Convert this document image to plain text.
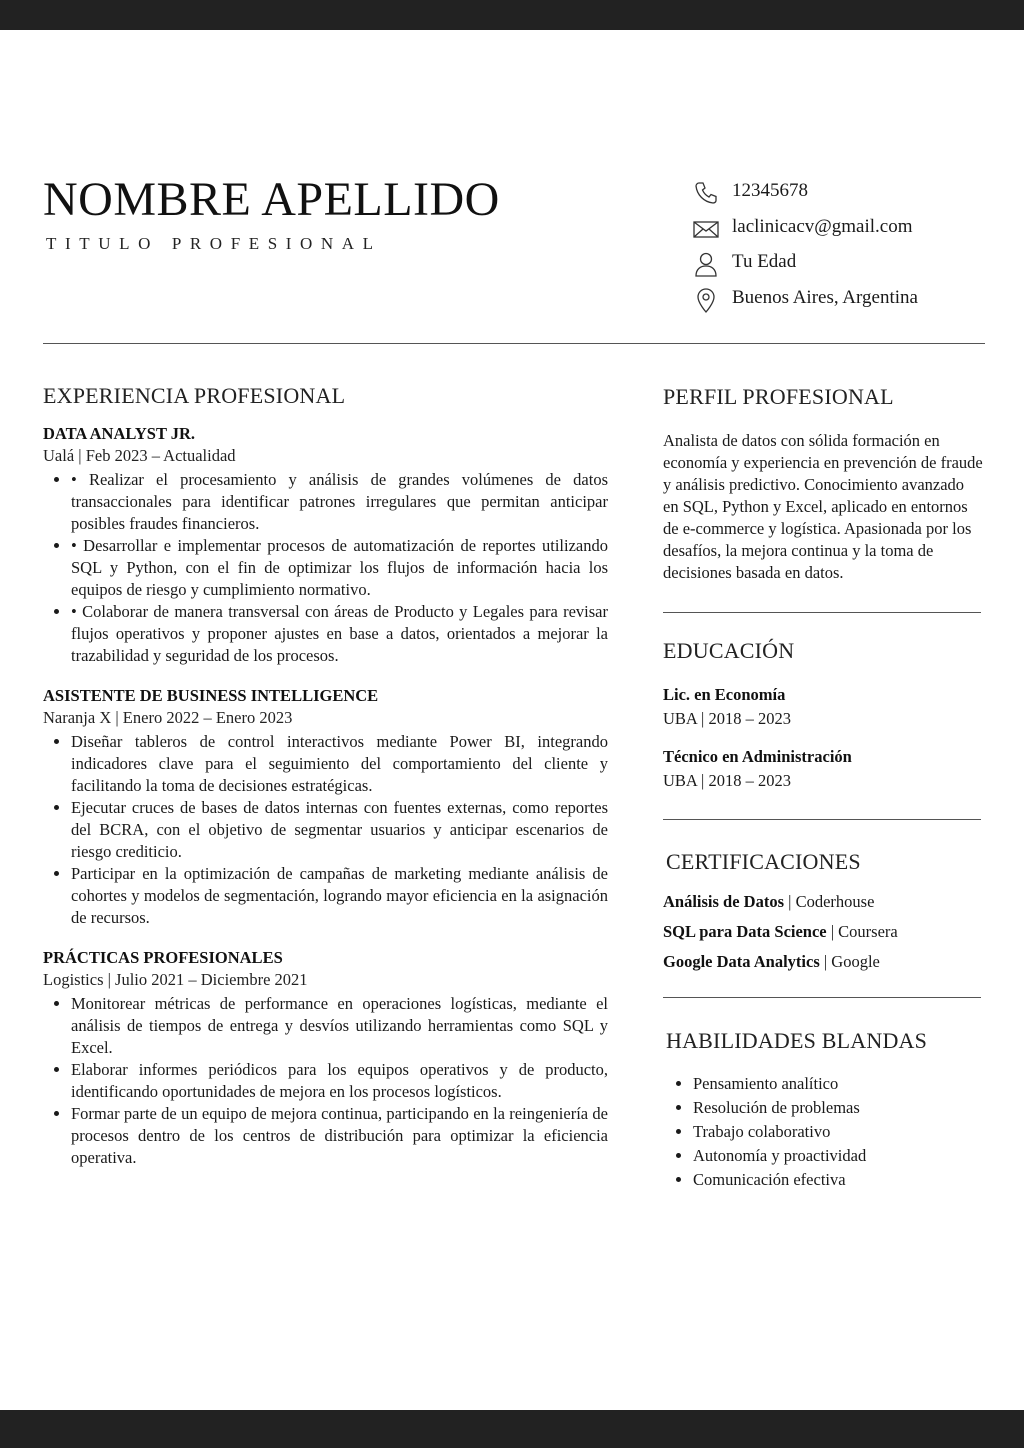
NOMBRE APELLIDO
TITULO PROFESIONAL
12345678
laclinicacv@gmail.com
Tu Edad
Buenos Aires, Argentina
EXPERIENCIA PROFESIONAL
DATA ANALYST JR.
Ualá | Feb 2023 – Actualidad
• • Realizar el procesamiento y análisis de grandes volúmenes de datos transaccionales para identificar patrones irregulares que permitan anticipar posibles fraudes financieros.
• • Desarrollar e implementar procesos de automatización de reportes utilizando SQL y Python, con el fin de optimizar los flujos de información hacia los equipos de riesgo y cumplimiento normativo.
• • Colaborar de manera transversal con áreas de Producto y Legales para revisar flujos operativos y proponer ajustes en base a datos, orientados a mejorar la trazabilidad y seguridad de los procesos.
ASISTENTE DE BUSINESS INTELLIGENCE
Naranja X | Enero 2022 – Enero 2023
• Diseñar tableros de control interactivos mediante Power BI, integrando indicadores clave para el seguimiento del comportamiento del cliente y facilitando la toma de decisiones estratégicas.
• Ejecutar cruces de bases de datos internas con fuentes externas, como reportes del BCRA, con el objetivo de segmentar usuarios y anticipar escenarios de riesgo crediticio.
• Participar en la optimización de campañas de marketing mediante análisis de cohortes y modelos de segmentación, logrando mayor eficiencia en la asignación de recursos.
PRÁCTICAS PROFESIONALES
Logistics | Julio 2021 – Diciembre 2021
• Monitorear métricas de performance en operaciones logísticas, mediante el análisis de tiempos de entrega y desvíos utilizando herramientas como SQL y Excel.
• Elaborar informes periódicos para los equipos operativos y de producto, identificando oportunidades de mejora en los procesos logísticos.
• Formar parte de un equipo de mejora continua, participando en la reingeniería de procesos dentro de los centros de distribución para optimizar la eficiencia operativa.
PERFIL PROFESIONAL
Analista de datos con sólida formación en economía y experiencia en prevención de fraude y análisis predictivo. Conocimiento avanzado en SQL, Python y Excel, aplicado en entornos de e-commerce y logística. Apasionada por los desafíos, la mejora continua y la toma de decisiones basada en datos.
EDUCACIÓN
Lic. en Economía
UBA | 2018 – 2023
Técnico en Administración
UBA | 2018 – 2023
CERTIFICACIONES
Análisis de Datos | Coderhouse
SQL para Data Science | Coursera
Google Data Analytics | Google
HABILIDADES BLANDAS
• Pensamiento analítico
• Resolución de problemas
• Trabajo colaborativo
• Autonomía y proactividad
• Comunicación efectiva
